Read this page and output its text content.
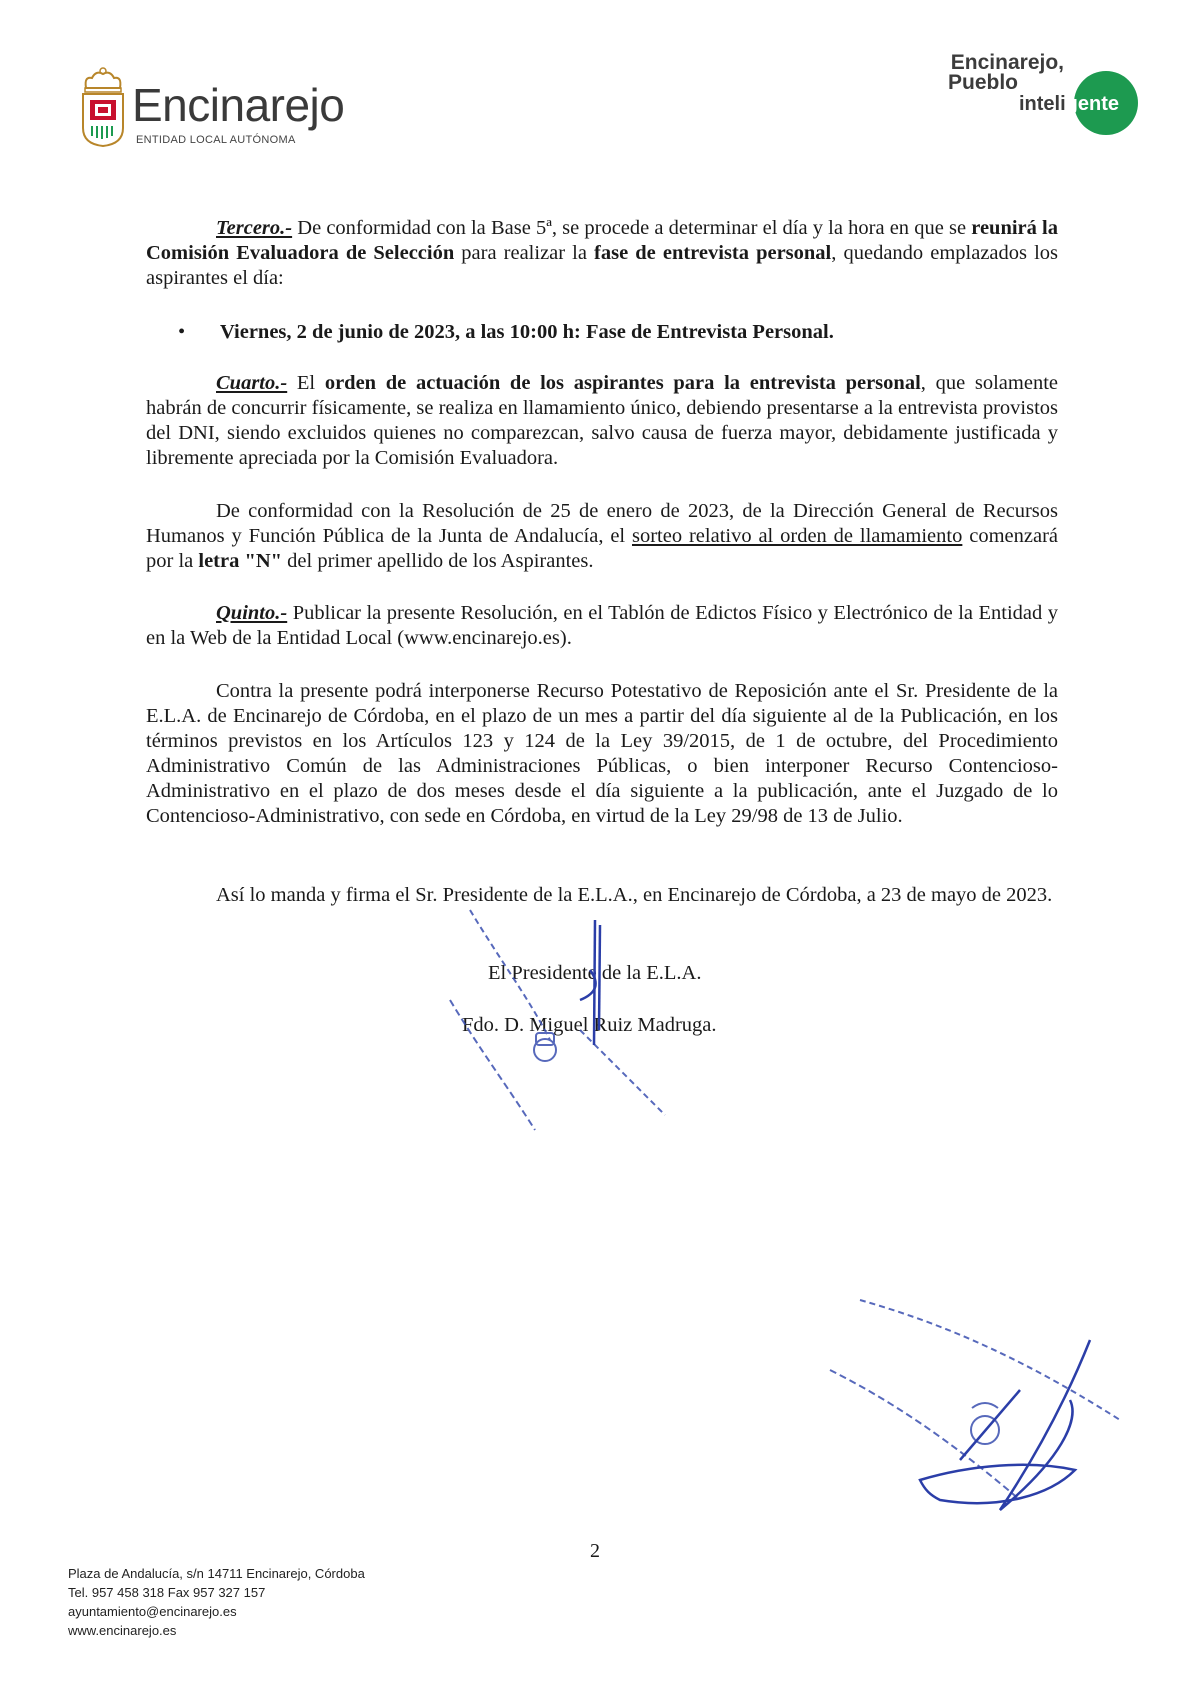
Encinarejo
ENTIDAD LOCAL AUTÓNOMA
Encinarejo,
Pueblo
inteligente

Tercero.- De conformidad con la Base 5ª, se procede a determinar el día y la hora en que se reunirá la Comisión Evaluadora de Selección para realizar la fase de entrevista personal, quedando emplazados los aspirantes el día:

• Viernes, 2 de junio de 2023, a las 10:00 h: Fase de Entrevista Personal.

Cuarto.- El orden de actuación de los aspirantes para la entrevista personal, que solamente habrán de concurrir físicamente, se realiza en llamamiento único, debiendo presentarse a la entrevista provistos del DNI, siendo excluidos quienes no comparezcan, salvo causa de fuerza mayor, debidamente justificada y libremente apreciada por la Comisión Evaluadora.

De conformidad con la Resolución de 25 de enero de 2023, de la Dirección General de Recursos Humanos y Función Pública de la Junta de Andalucía, el sorteo relativo al orden de llamamiento comenzará por la letra "N" del primer apellido de los Aspirantes.

Quinto.- Publicar la presente Resolución, en el Tablón de Edictos Físico y Electrónico de la Entidad y en la Web de la Entidad Local (www.encinarejo.es).

Contra la presente podrá interponerse Recurso Potestativo de Reposición ante el Sr. Presidente de la E.L.A. de Encinarejo de Córdoba, en el plazo de un mes a partir del día siguiente al de la Publicación, en los términos previstos en los Artículos 123 y 124 de la Ley 39/2015, de 1 de octubre, del Procedimiento Administrativo Común de las Administraciones Públicas, o bien interponer Recurso Contencioso-Administrativo en el plazo de dos meses desde el día siguiente a la publicación, ante el Juzgado de lo Contencioso-Administrativo, con sede en Córdoba, en virtud de la Ley 29/98 de 13 de Julio.

Así lo manda y firma el Sr. Presidente de la E.L.A., en Encinarejo de Córdoba, a 23 de mayo de 2023.

El Presidente de la E.L.A.
Fdo. D. Miguel Ruiz Madruga.
2
Plaza de Andalucía, s/n 14711 Encinarejo, Córdoba
Tel. 957 458 318 Fax 957 327 157
ayuntamiento@encinarejo.es
www.encinarejo.es
